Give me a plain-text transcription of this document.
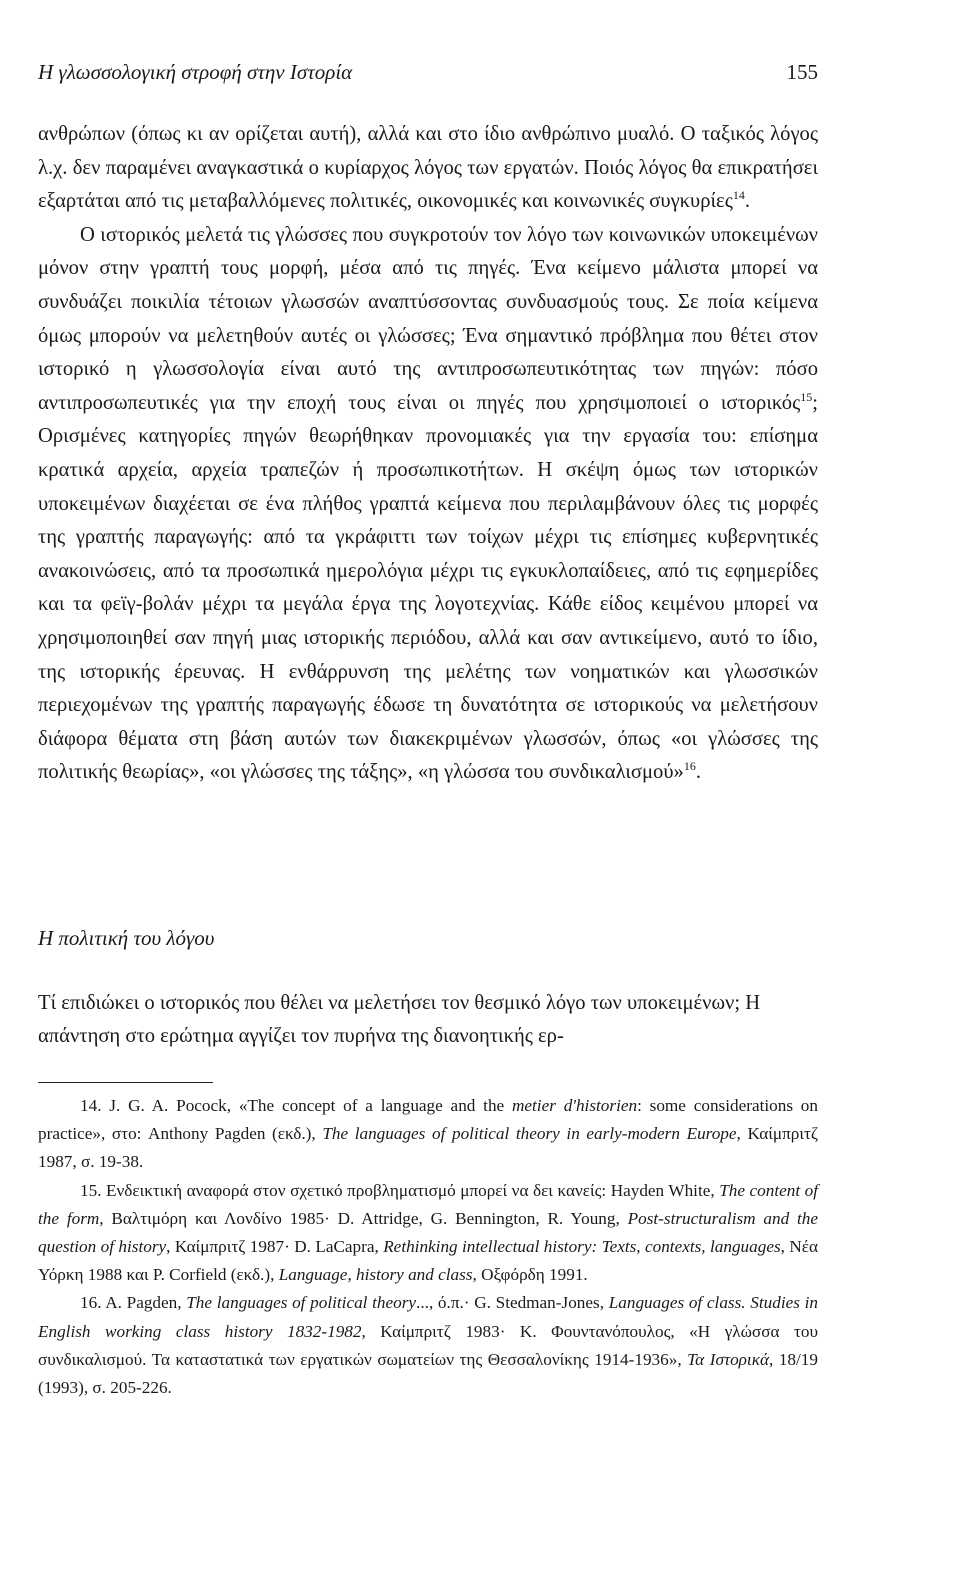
Η γλωσσολογική στροφή στην Ιστορία	155

ανθρώπων (όπως κι αν ορίζεται αυτή), αλλά και στο ίδιο ανθρώπινο μυαλό. Ο ταξικός λόγος λ.χ. δεν παραμένει αναγκαστικά ο κυρίαρχος λόγος των εργατών. Ποιός λόγος θα επικρατήσει εξαρτάται από τις μεταβαλλόμενες πολιτικές, οικονομικές και κοινωνικές συγκυρίες$^{14}$.

Ο ιστορικός μελετά τις γλώσσες που συγκροτούν τον λόγο των κοινωνικών υποκειμένων μόνον στην γραπτή τους μορφή, μέσα από τις πηγές. Ένα κείμενο μάλιστα μπορεί να συνδυάζει ποικιλία τέτοιων γλωσσών αναπτύσσοντας συνδυασμούς τους. Σε ποία κείμενα όμως μπορούν να μελετηθούν αυτές οι γλώσσες; Ένα σημαντικό πρόβλημα που θέτει στον ιστορικό η γλωσσολογία είναι αυτό της αντιπροσωπευτικότητας των πηγών: πόσο αντιπροσωπευτικές για την εποχή τους είναι οι πηγές που χρησιμοποιεί ο ιστορικός$^{15}$; Ορισμένες κατηγορίες πηγών θεωρήθηκαν προνομιακές για την εργασία του: επίσημα κρατικά αρχεία, αρχεία τραπεζών ή προσωπικοτήτων. Η σκέψη όμως των ιστορικών υποκειμένων διαχέεται σε ένα πλήθος γραπτά κείμενα που περιλαμβάνουν όλες τις μορφές της γραπτής παραγωγής: από τα γκράφιττι των τοίχων μέχρι τις επίσημες κυβερνητικές ανακοινώσεις, από τα προσωπικά ημερολόγια μέχρι τις εγκυκλοπαίδειες, από τις εφημερίδες και τα φεϊγ-βολάν μέχρι τα μεγάλα έργα της λογοτεχνίας. Κάθε είδος κειμένου μπορεί να χρησιμοποιηθεί σαν πηγή μιας ιστορικής περιόδου, αλλά και σαν αντικείμενο, αυτό το ίδιο, της ιστορικής έρευνας. Η ενθάρρυνση της μελέτης των νοηματικών και γλωσσικών περιεχομένων της γραπτής παραγωγής έδωσε τη δυνατότητα σε ιστορικούς να μελετήσουν διάφορα θέματα στη βάση αυτών των διακεκριμένων γλωσσών, όπως «οι γλώσσες της πολιτικής θεωρίας», «οι γλώσσες της τάξης», «η γλώσσα του συνδικαλισμού»$^{16}$.

Η πολιτική του λόγου

Τί επιδιώκει ο ιστορικός που θέλει να μελετήσει τον θεσμικό λόγο των υποκειμένων; Η απάντηση στο ερώτημα αγγίζει τον πυρήνα της διανοητικής ερ-

14. J. G. A. Pocock, «The concept of a language and the metier d'historien: some considerations on practice», στο: Anthony Pagden (εκδ.), The languages of political theory in early-modern Europe, Καίμπριτζ 1987, σ. 19-38.

15. Ενδεικτική αναφορά στον σχετικό προβληματισμό μπορεί να δει κανείς: Hayden White, The content of the form, Βαλτιμόρη και Λονδίνο 1985· D. Attridge, G. Bennington, R. Young, Post-structuralism and the question of history, Καίμπριτζ 1987· D. LaCapra, Rethinking intellectual history: Texts, contexts, languages, Νέα Υόρκη 1988 και P. Corfield (εκδ.), Language, history and class, Οξφόρδη 1991.

16. A. Pagden, The languages of political theory..., ό.π.· G. Stedman-Jones, Languages of class. Studies in English working class history 1832-1982, Καίμπριτζ 1983· Κ. Φουντανόπουλος, «Η γλώσσα του συνδικαλισμού. Τα καταστατικά των εργατικών σωματείων της Θεσσαλονίκης 1914-1936», Τα Ιστορικά, 18/19 (1993), σ. 205-226.
